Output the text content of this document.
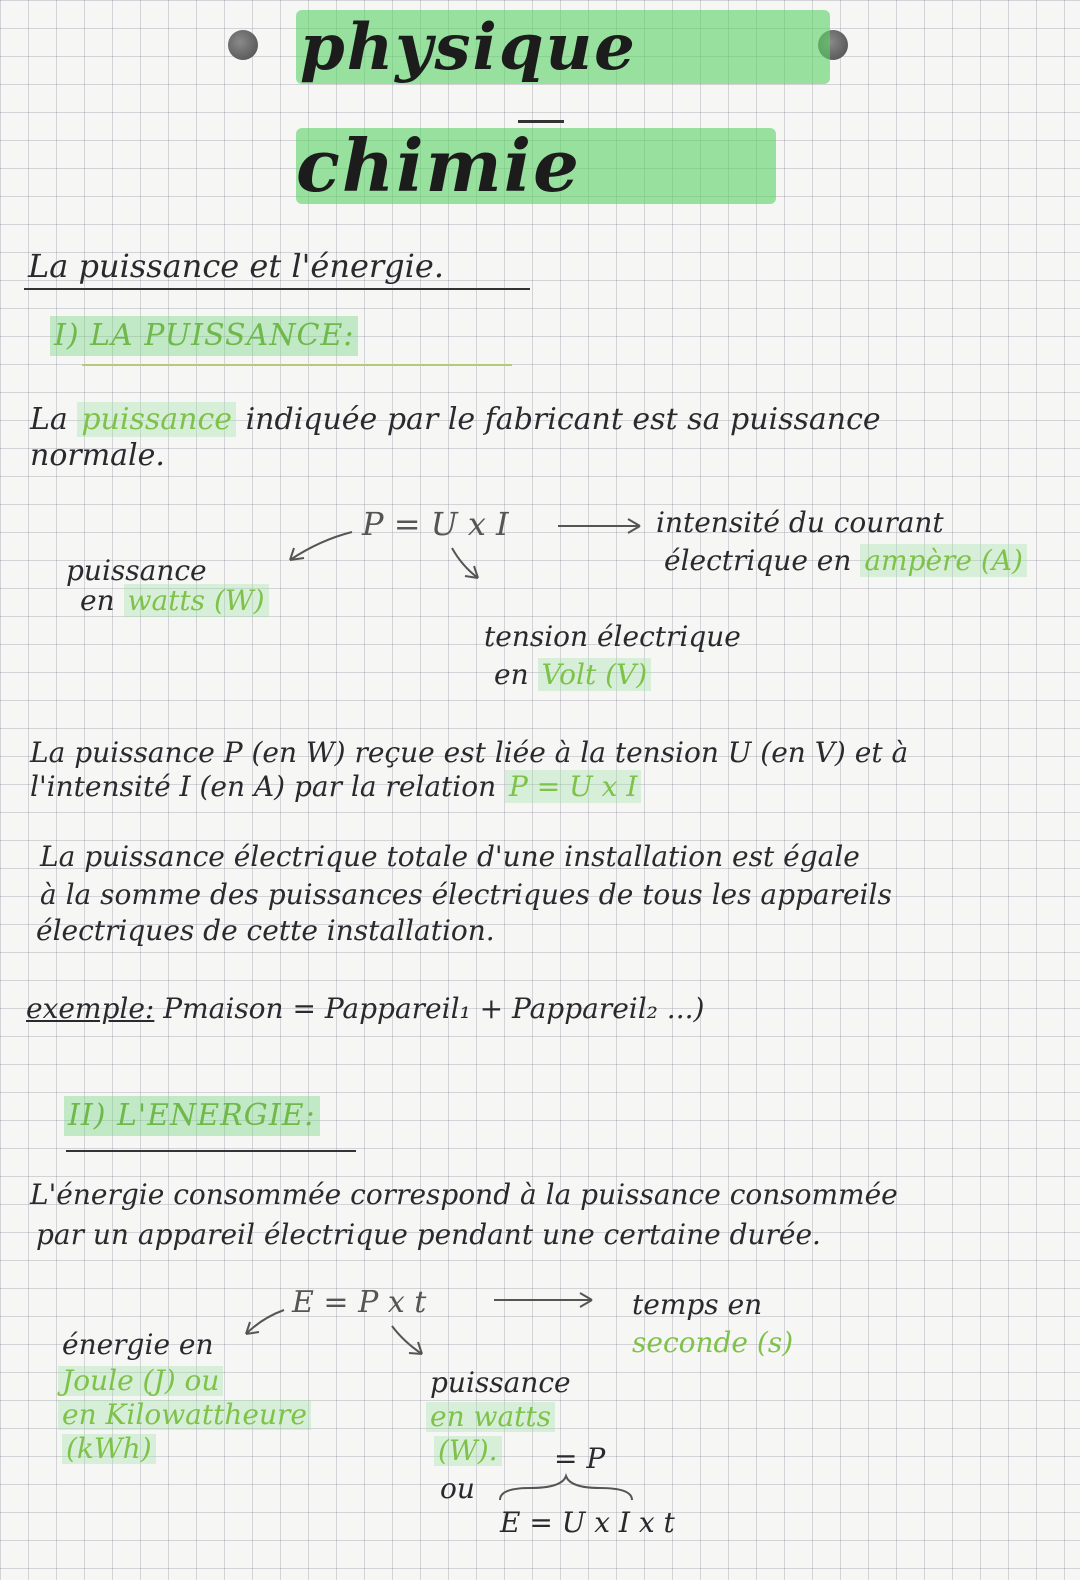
physique
chimie
La puissance et l'énergie.
I) LA PUISSANCE:
La puissance indiquée par le fabricant est sa puissance
normale.
P = U x I
puissance
en watts (W)
intensité du courant
électrique en ampère (A)
tension électrique
en Volt (V)
La puissance P (en W) reçue est liée à la tension U (en V) et à
l'intensité I (en A) par la relation P = U x I
La puissance électrique totale d'une installation est égale
à la somme des puissances électriques de tous les appareils
électriques de cette installation.
exemple: Pmaison = Pappareil₁ + Pappareil₂ ...)
II) L'ENERGIE:
L'énergie consommée correspond à la puissance consommée
par un appareil électrique pendant une certaine durée.
E = P x t	temps en
seconde (s)
énergie en
Joule (J) ou
en Kilowattheure
(kWh)
puissance
en watts
(W). = P
ou
E = U x I x t
